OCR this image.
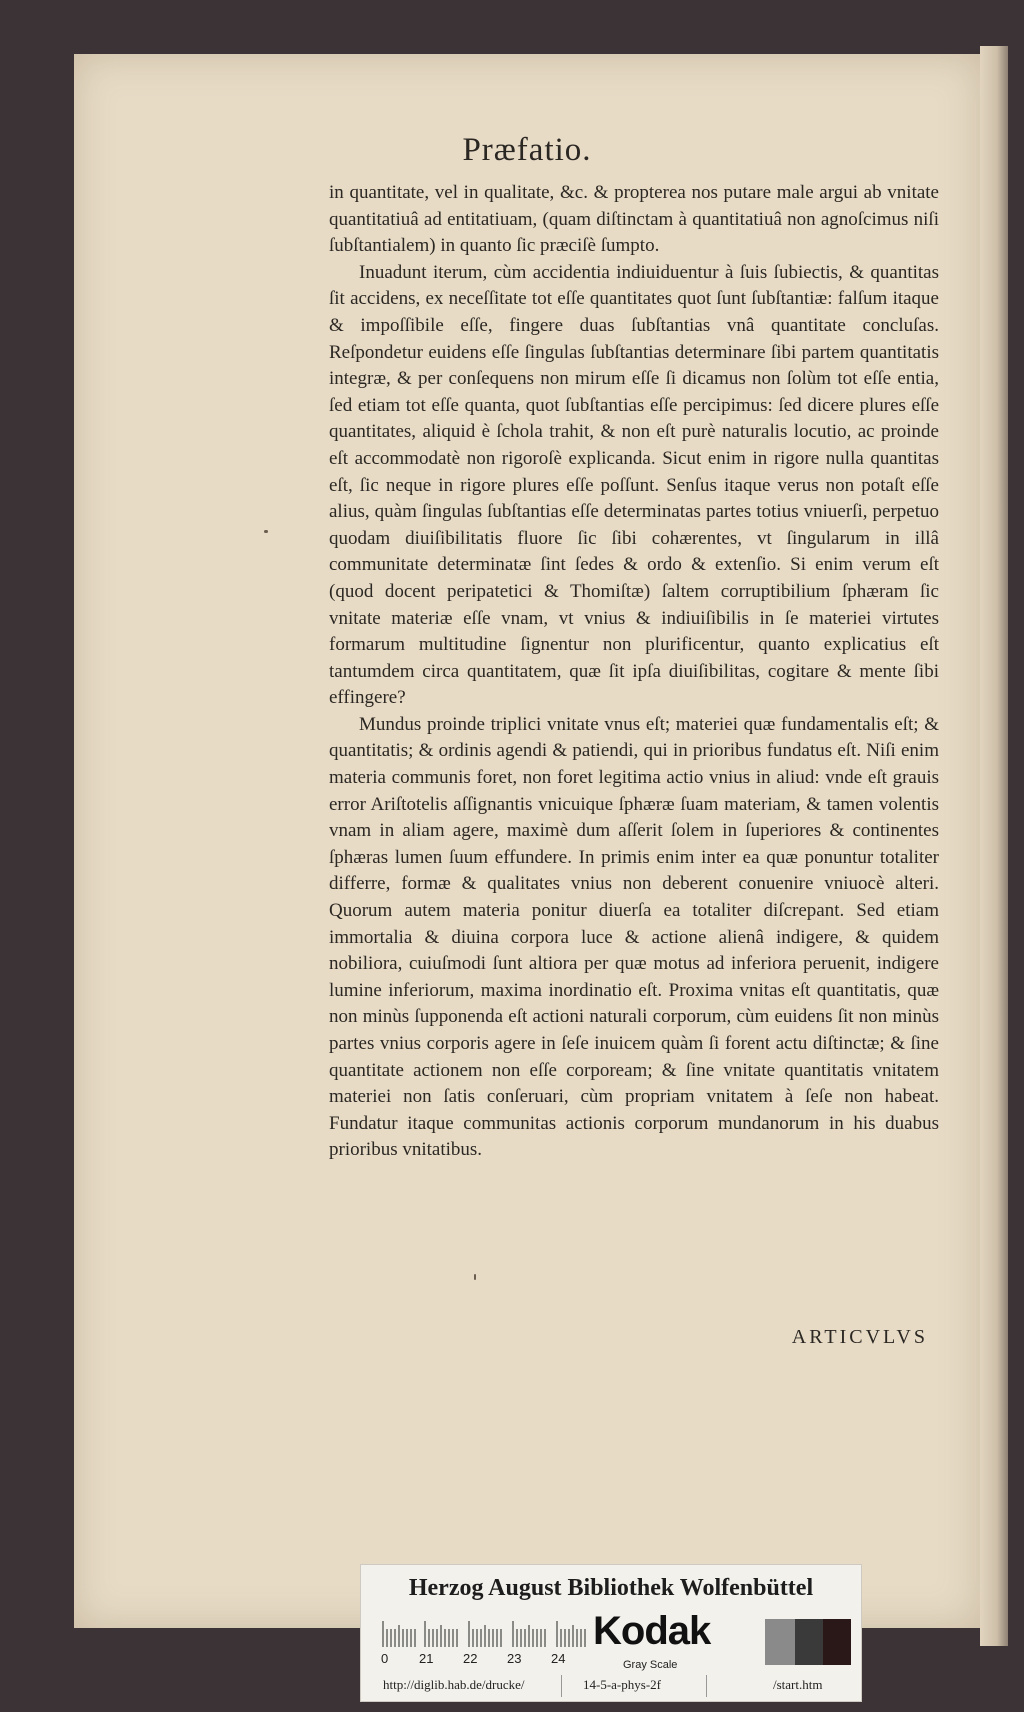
Præfatio.

in quantitate, vel in qualitate, &c. & propterea nos putare male argui ab vnitate quantitatiuâ ad entitatiuam, (quam diſtinctam à quantitatiuâ non agnoſcimus niſi ſubſtantialem) in quanto ſic præciſè ſumpto.

Inuadunt iterum, cùm accidentia indiuiduentur à ſuis ſubiectis, & quantitas ſit accidens, ex neceſſitate tot eſſe quantitates quot ſunt ſubſtantiæ: falſum itaque & impoſſibile eſſe, fingere duas ſubſtantias vnâ quantitate concluſas. Reſpondetur euidens eſſe ſingulas ſubſtantias determinare ſibi partem quantitatis integræ, & per conſequens non mirum eſſe ſi dicamus non ſolùm tot eſſe entia, ſed etiam tot eſſe quanta, quot ſubſtantias eſſe percipimus: ſed dicere plures eſſe quantitates, aliquid è ſchola trahit, & non eſt purè naturalis locutio, ac proinde eſt accommodatè non rigoroſè explicanda. Sicut enim in rigore nulla quantitas eſt, ſic neque in rigore plures eſſe poſſunt. Senſus itaque verus non potaſt eſſe alius, quàm ſingulas ſubſtantias eſſe determinatas partes totius vniuerſi, perpetuo quodam diuiſibilitatis fluore ſic ſibi cohærentes, vt ſingularum in illâ communitate determinatæ ſint ſedes & ordo & extenſio. Si enim verum eſt (quod docent peripatetici & Thomiſtæ) ſaltem corruptibilium ſphæram ſic vnitate materiæ eſſe vnam, vt vnius & indiuiſibilis in ſe materiei virtutes formarum multitudine ſignentur non plurificentur, quanto explicatius eſt tantumdem circa quantitatem, quæ ſit ipſa diuiſibilitas, cogitare & mente ſibi effingere?

Mundus proinde triplici vnitate vnus eſt; materiei quæ fundamentalis eſt; & quantitatis; & ordinis agendi & patiendi, qui in prioribus fundatus eſt. Niſi enim materia communis foret, non foret legitima actio vnius in aliud: vnde eſt grauis error Ariſtotelis aſſignantis vnicuique ſphæræ ſuam materiam, & tamen volentis vnam in aliam agere, maximè dum aſſerit ſolem in ſuperiores & continentes ſphæras lumen ſuum effundere. In primis enim inter ea quæ ponuntur totaliter differre, formæ & qualitates vnius non deberent conuenire vniuocè alteri. Quorum autem materia ponitur diuerſa ea totaliter diſcrepant. Sed etiam immortalia & diuina corpora luce & actione alienâ indigere, & quidem nobiliora, cuiuſmodi ſunt altiora per quæ motus ad inferiora peruenit, indigere lumine inferiorum, maxima inordinatio eſt. Proxima vnitas eſt quantitatis, quæ non minùs ſupponenda eſt actioni naturali corporum, cùm euidens ſit non minùs partes vnius corporis agere in ſeſe inuicem quàm ſi forent actu diſtinctæ; & ſine quantitate actionem non eſſe corpoream; & ſine vnitate quantitatis vnitatem materiei non ſatis conſeruari, cùm propriam vnitatem à ſeſe non habeat. Fundatur itaque communitas actionis corporum mundanorum in his duabus prioribus vnitatibus.

ARTICVLVS
Herzog August Bibliothek Wolfenbüttel
0 21 22 23 24
Kodak
Gray Scale
http://diglib.hab.de/drucke/	14-5-a-phys-2f	/start.htm
